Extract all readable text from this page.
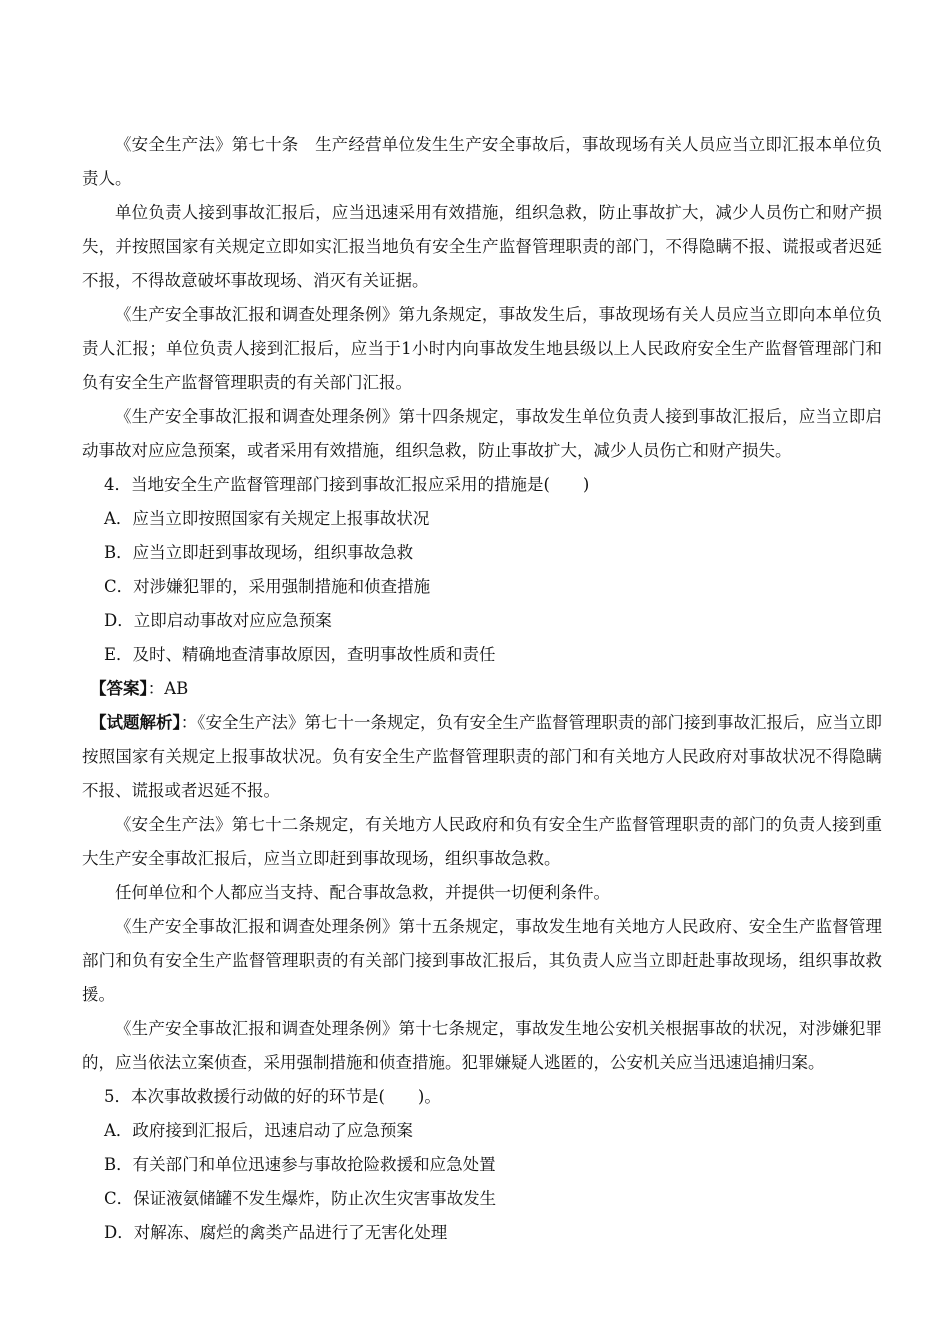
《安全生产法》第七十条　生产经营单位发生生产安全事故后，事故现场有关人员应当立即汇报本单位负责人。

单位负责人接到事故汇报后，应当迅速采用有效措施，组织急救，防止事故扩大，减少人员伤亡和财产损失，并按照国家有关规定立即如实汇报当地负有安全生产监督管理职责的部门，不得隐瞒不报、谎报或者迟延不报，不得故意破坏事故现场、消灭有关证据。

《生产安全事故汇报和调查处理条例》第九条规定，事故发生后，事故现场有关人员应当立即向本单位负责人汇报；单位负责人接到汇报后，应当于1小时内向事故发生地县级以上人民政府安全生产监督管理部门和负有安全生产监督管理职责的有关部门汇报。

《生产安全事故汇报和调查处理条例》第十四条规定，事故发生单位负责人接到事故汇报后，应当立即启动事故对应应急预案，或者采用有效措施，组织急救，防止事故扩大，减少人员伤亡和财产损失。

4．当地安全生产监督管理部门接到事故汇报应采用的措施是(　　)

A．应当立即按照国家有关规定上报事故状况

B．应当立即赶到事故现场，组织事故急救

C．对涉嫌犯罪的，采用强制措施和侦查措施

D．立即启动事故对应应急预案

E．及时、精确地查清事故原因，查明事故性质和责任

【答案】：AB

【试题解析】：《安全生产法》第七十一条规定，负有安全生产监督管理职责的部门接到事故汇报后，应当立即按照国家有关规定上报事故状况。负有安全生产监督管理职责的部门和有关地方人民政府对事故状况不得隐瞒不报、谎报或者迟延不报。

《安全生产法》第七十二条规定，有关地方人民政府和负有安全生产监督管理职责的部门的负责人接到重大生产安全事故汇报后，应当立即赶到事故现场，组织事故急救。

任何单位和个人都应当支持、配合事故急救，并提供一切便利条件。

《生产安全事故汇报和调查处理条例》第十五条规定，事故发生地有关地方人民政府、安全生产监督管理部门和负有安全生产监督管理职责的有关部门接到事故汇报后，其负责人应当立即赶赴事故现场，组织事故救援。

《生产安全事故汇报和调查处理条例》第十七条规定，事故发生地公安机关根据事故的状况，对涉嫌犯罪的，应当依法立案侦查，采用强制措施和侦查措施。犯罪嫌疑人逃匿的，公安机关应当迅速追捕归案。

5．本次事故救援行动做的好的环节是(　　)。

A．政府接到汇报后，迅速启动了应急预案

B．有关部门和单位迅速参与事故抢险救援和应急处置

C．保证液氨储罐不发生爆炸，防止次生灾害事故发生

D．对解冻、腐烂的禽类产品进行了无害化处理
